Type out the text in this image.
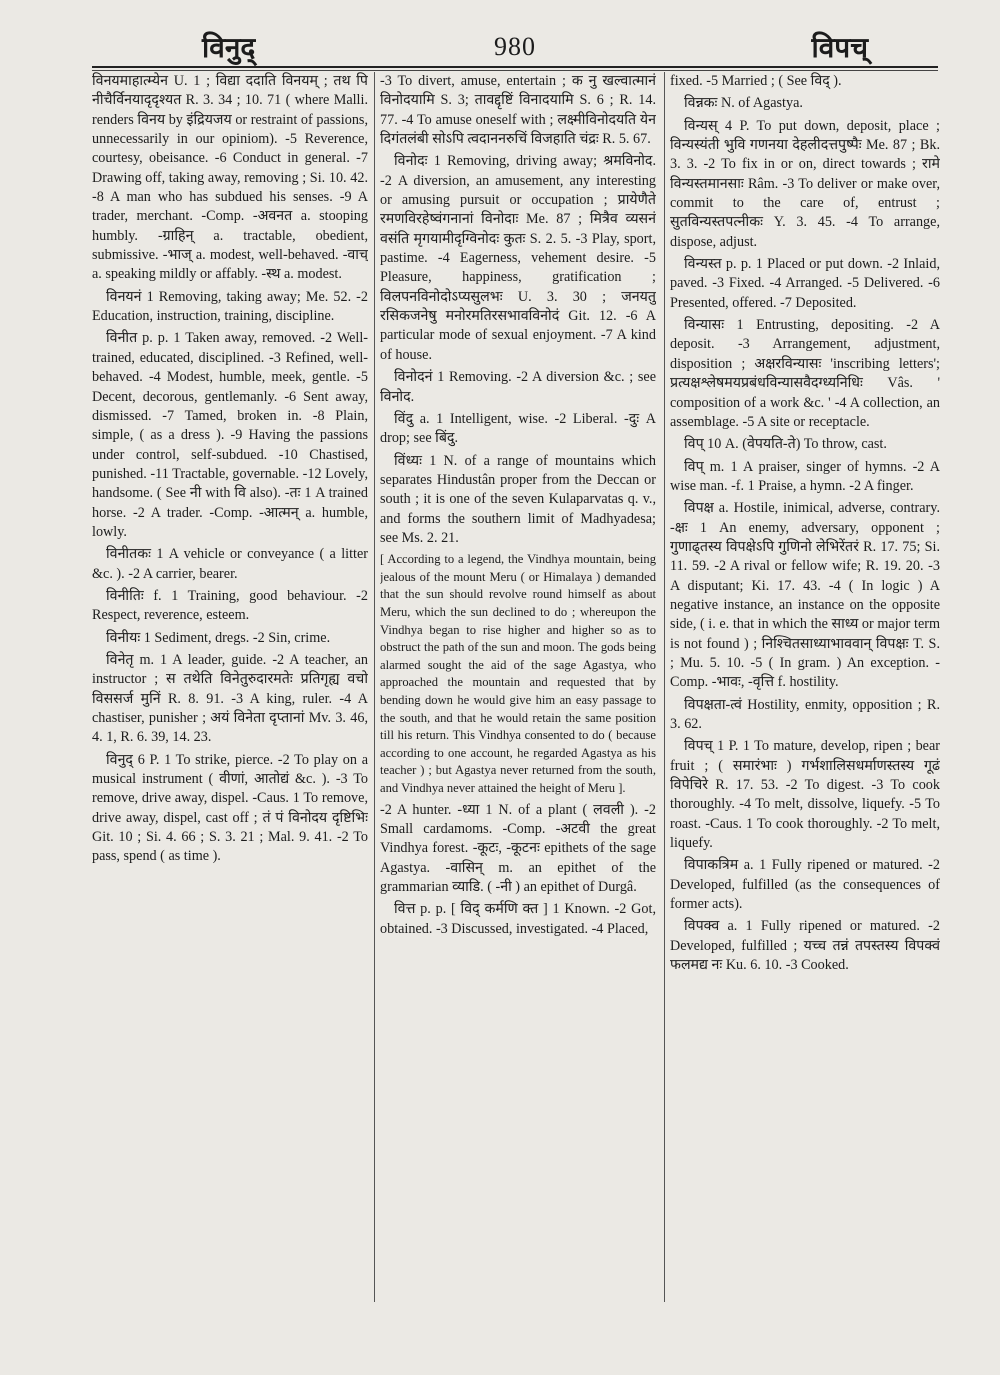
विनुद्	980	विपच्

विनयमाहात्म्येन U. 1 ; विद्या ददाति विनयम् ; तथ पि नीचैर्विनयादृदृश्यत R. 3. 34 ; 10. 71 ( where Malli. renders विनय by इंद्रियजय or restraint of passions, unnecessarily in our opiniom). -5 Reverence, courtesy, obeisance. -6 Conduct in general. -7 Drawing off, taking away, removing ; Si. 10. 42. -8 A man who has subdued his senses. -9 A trader, merchant. -Comp. -अवनत a. stooping humbly. -ग्राहिन् a. tractable, obedient, submissive. -भाज् a. modest, well-behaved. -वाच् a. speaking mildly or affably. -स्थ a. modest.

विनयनं 1 Removing, taking away; Me. 52. -2 Education, instruction, training, discipline.

विनीत p. p. 1 Taken away, removed. -2 Well-trained, educated, disciplined. -3 Refined, well-behaved. -4 Modest, humble, meek, gentle. -5 Decent, decorous, gentlemanly. -6 Sent away, dismissed. -7 Tamed, broken in. -8 Plain, simple, ( as a dress ). -9 Having the passions under control, self-subdued. -10 Chastised, punished. -11 Tractable, governable. -12 Lovely, handsome. ( See नी with वि also). -तः 1 A trained horse. -2 A trader. -Comp. -आत्मन् a. humble, lowly.

विनीतकः 1 A vehicle or conveyance ( a litter &c. ). -2 A carrier, bearer.

विनीतिः f. 1 Training, good behaviour. -2 Respect, reverence, esteem.

विनीयः 1 Sediment, dregs. -2 Sin, crime.

विनेतृ m. 1 A leader, guide. -2 A teacher, an instructor ; स तथेति विनेतुरुदारमतेः प्रतिगृह्य वचो विससर्ज मुनिं R. 8. 91. -3 A king, ruler. -4 A chastiser, punisher ; अयं विनेता दृप्तानां Mv. 3. 46, 4. 1, R. 6. 39, 14. 23.

विनुद् 6 P. 1 To strike, pierce. -2 To play on a musical instrument ( वीणां, आतोद्यं &c. ). -3 To remove, drive away, dispel. -Caus. 1 To remove, drive away, dispel, cast off ; तं पं विनोदय दृष्टिभिः Git. 10 ; Si. 4. 66 ; S. 3. 21 ; Mal. 9. 41. -2 To pass, spend ( as time ).

-3 To divert, amuse, entertain ; क नु खल्वात्मानं विनोदयामि S. 3; तावद्दृष्टिं विनादयामि S. 6 ; R. 14. 77. -4 To amuse oneself with ; लक्ष्मीविनोदयति येन दिगंतलंबी सोऽपि त्वदाननरुचिं विजहाति चंद्रः R. 5. 67.

विनोदः 1 Removing, driving away; श्रमविनोद. -2 A diversion, an amusement, any interesting or amusing pursuit or occupation ; प्रायेणैते रमणविरहेष्वंगनानां विनोदाः Me. 87 ; मित्रैव व्यसनं वसंति मृगयामीदृग्विनोदः कुतः S. 2. 5. -3 Play, sport, pastime. -4 Eagerness, vehement desire. -5 Pleasure, happiness, gratification ; विलपनविनोदोऽप्यसुलभः U. 3. 30 ; जनयतु रसिकजनेषु मनोरमतिरसभावविनोदं Git. 12. -6 A particular mode of sexual enjoyment. -7 A kind of house.

विनोदनं 1 Removing. -2 A diversion &c. ; see विनोद.

विंदु a. 1 Intelligent, wise. -2 Liberal. -दुः A drop; see बिंदु.

विंध्यः 1 N. of a range of mountains which separates Hindustân proper from the Deccan or south ; it is one of the seven Kulaparvatas q. v., and forms the southern limit of Madhyadesa; see Ms. 2. 21.

[ According to a legend, the Vindhya mountain, being jealous of the mount Meru ( or Himalaya ) demanded that the sun should revolve round himself as about Meru, which the sun declined to do ; whereupon the Vindhya began to rise higher and higher so as to obstruct the path of the sun and moon. The gods being alarmed sought the aid of the sage Agastya, who approached the mountain and requested that by bending down he would give him an easy passage to the south, and that he would retain the same position till his return. This Vindhya consented to do ( because according to one account, he regarded Agastya as his teacher ) ; but Agastya never returned from the south, and Vindhya never attained the height of Meru ].

-2 A hunter. -ध्या 1 N. of a plant ( लवली ). -2 Small cardamoms. -Comp. -अटवी the great Vindhya forest. -कूटः, -कूटनः epithets of the sage Agastya. -वासिन् m. an epithet of the grammarian व्याडि. ( -नी ) an epithet of Durgâ.

वित्त p. p. [ विद् कर्मणि क्त ] 1 Known. -2 Got, obtained. -3 Discussed, investigated. -4 Placed,

fixed. -5 Married ; ( See विद् ).

विन्नकः N. of Agastya.

विन्यस् 4 P. To put down, deposit, place ; विन्यस्यंती भुवि गणनया देहलीदत्तपुष्पैः Me. 87 ; Bk. 3. 3. -2 To fix in or on, direct towards ; रामे विन्यस्तमानसाः Râm. -3 To deliver or make over, commit to the care of, entrust ; सुतविन्यस्तपत्नीकः Y. 3. 45. -4 To arrange, dispose, adjust.

विन्यस्त p. p. 1 Placed or put down. -2 Inlaid, paved. -3 Fixed. -4 Arranged. -5 Delivered. -6 Presented, offered. -7 Deposited.

विन्यासः 1 Entrusting, depositing. -2 A deposit. -3 Arrangement, adjustment, disposition ; अक्षरविन्यासः 'inscribing letters'; प्रत्यक्षश्लेषमयप्रबंधविन्यासवैदग्ध्यनिधिः Vâs. ' composition of a work &c. ' -4 A collection, an assemblage. -5 A site or receptacle.

विप् 10 A. (वेपयति-ते) To throw, cast.

विप् m. 1 A praiser, singer of hymns. -2 A wise man. -f. 1 Praise, a hymn. -2 A finger.

विपक्ष a. Hostile, inimical, adverse, contrary. -क्षः 1 An enemy, adversary, opponent ; गुणाढ्तस्य विपक्षेऽपि गुणिनो लेभिरेंतरं R. 17. 75; Si. 11. 59. -2 A rival or fellow wife; R. 19. 20. -3 A disputant; Ki. 17. 43. -4 ( In logic ) A negative instance, an instance on the opposite side, ( i. e. that in which the साध्य or major term is not found ) ; निश्चितसाध्याभाववान् विपक्षः T. S. ; Mu. 5. 10. -5 ( In gram. ) An exception. -Comp. -भावः, -वृत्ति f. hostility.

विपक्षता-त्वं Hostility, enmity, opposition ; R. 3. 62.

विपच् 1 P. 1 To mature, develop, ripen ; bear fruit ; ( समारंभाः ) गर्भशालिसधर्माणस्तस्य गूढं विपेचिरे R. 17. 53. -2 To digest. -3 To cook thoroughly. -4 To melt, dissolve, liquefy. -5 To roast. -Caus. 1 To cook thoroughly. -2 To melt, liquefy.

विपाकत्रिम a. 1 Fully ripened or matured. -2 Developed, fulfilled (as the consequences of former acts).

विपक्व a. 1 Fully ripened or matured. -2 Developed, fulfilled ; यच्च तन्नं तपस्तस्य विपक्वं फलमद्य नः Ku. 6. 10. -3 Cooked.
